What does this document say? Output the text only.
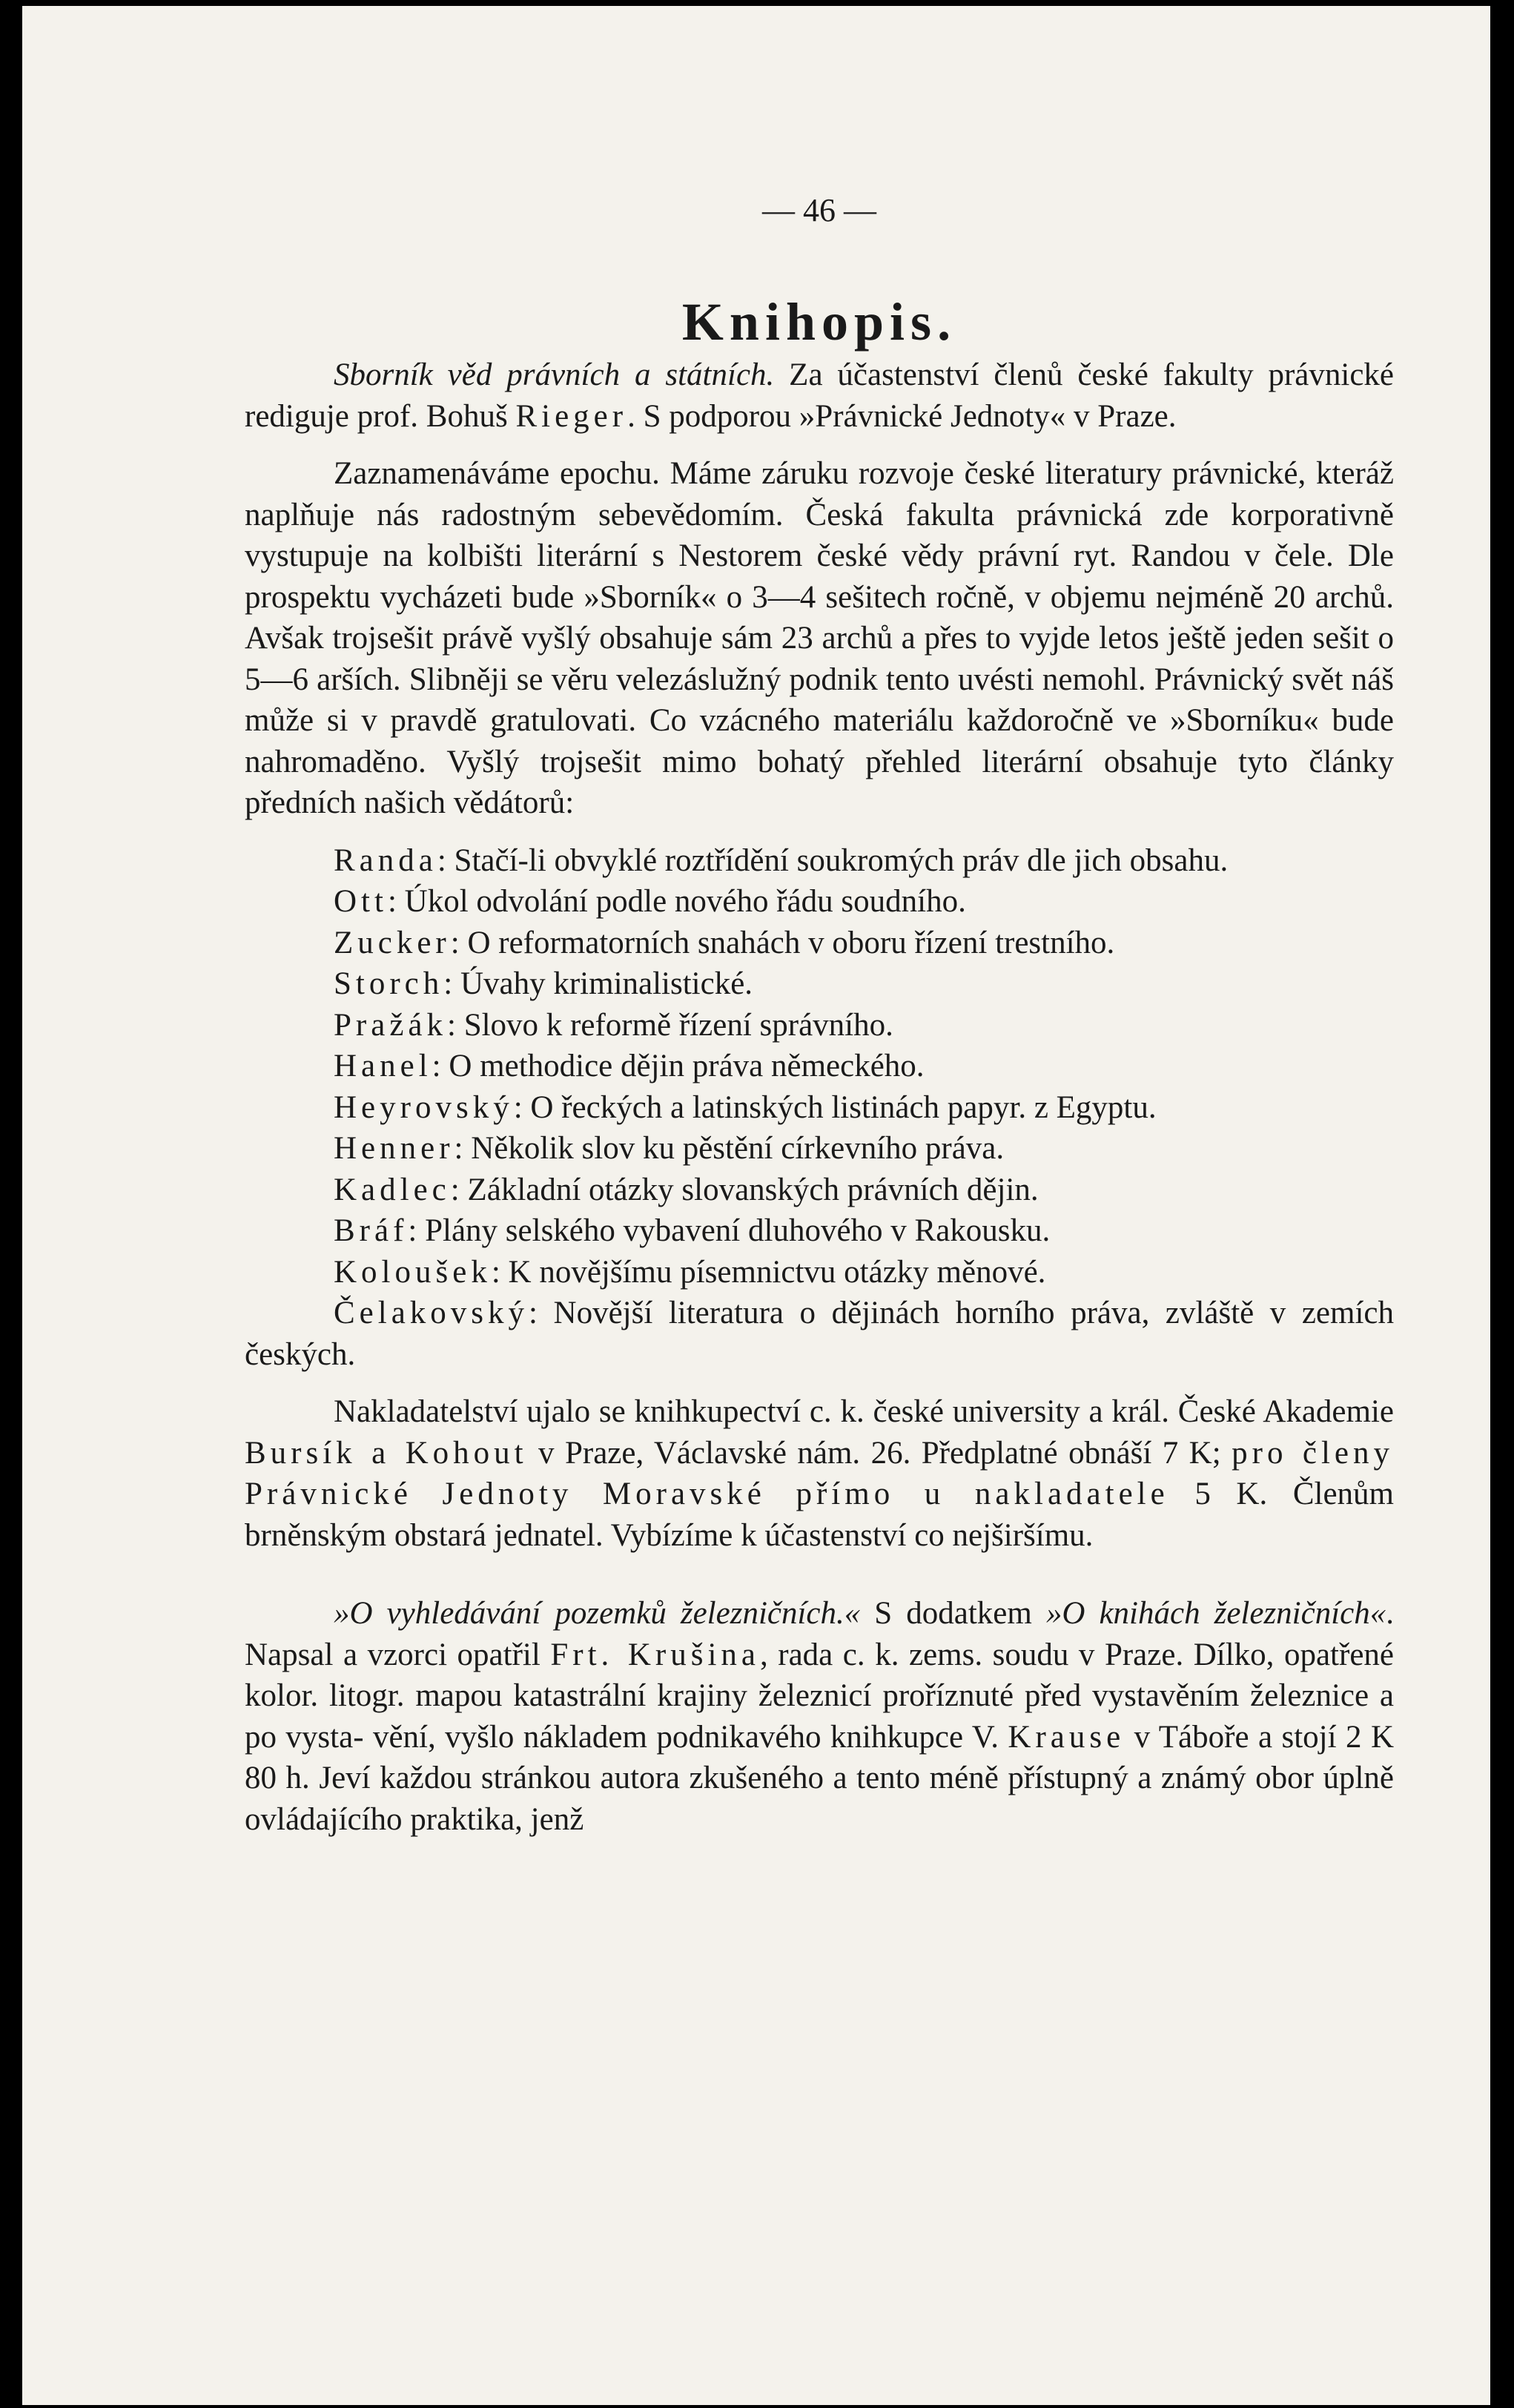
— 46 —
Knihopis.

Sborník věd právních a státních. Za účastenství členů české fakulty právnické rediguje prof. Bohuš Rieger. S podporou »Právnické Jednoty« v Praze.

Zaznamenáváme epochu. Máme záruku rozvoje české literatury právnické, kteráž naplňuje nás radostným sebevědomím. Česká fakulta právnická zde korporativně vystupuje na kolbišti literární s Nestorem české vědy právní ryt. Randou v čele. Dle prospektu vycházeti bude »Sborník« o 3—4 sešitech ročně, v objemu nejméně 20 archů. Avšak trojsešit právě vyšlý obsahuje sám 23 archů a přes to vyjde letos ještě jeden sešit o 5—6 arších. Slibněji se věru velezáslužný podnik tento uvésti nemohl. Právnický svět náš může si v pravdě gratulovati. Co vzácného materiálu každoročně ve »Sborníku« bude nahromaděno. Vyšlý trojsešit mimo bohatý přehled literární obsahuje tyto články předních našich vědátorů:

Randa: Stačí-li obvyklé roztřídění soukromých práv dle jich obsahu.

Ott: Úkol odvolání podle nového řádu soudního.

Zucker: O reformatorních snahách v oboru řízení trestního.

Storch: Úvahy kriminalistické.

Pražák: Slovo k reformě řízení správního.

Hanel: O methodice dějin práva německého.

Heyrovský: O řeckých a latinských listinách papyr. z Egyptu.

Henner: Několik slov ku pěstění církevního práva.

Kadlec: Základní otázky slovanských právních dějin.

Bráf: Plány selského vybavení dluhového v Rakousku.

Koloušek: K novějšímu písemnictvu otázky měnové.

Čelakovský: Novější literatura o dějinách horního práva, zvláště v zemích českých.

Nakladatelství ujalo se knihkupectví c. k. české university a král. České Akademie Bursík a Kohout v Praze, Václavské nám. 26. Předplatné obnáší 7 K; pro členy Právnické Jednoty Moravské přímo u nakladatele 5 K. Členům brněnským obstará jednatel. Vybízíme k účastenství co nejširšímu.

»O vyhledávání pozemků železničních.« S dodatkem »O knihách železničních«. Napsal a vzorci opatřil Frt. Krušina, rada c. k. zems. soudu v Praze. Dílko, opatřené kolor. litogr. mapou katastrální krajiny železnicí proříznuté před vystavěním železnice a po vysta- vění, vyšlo nákladem podnikavého knihkupce V. Krause v Táboře a stojí 2 K 80 h. Jeví každou stránkou autora zkušeného a tento méně přístupný a známý obor úplně ovládajícího praktika, jenž
